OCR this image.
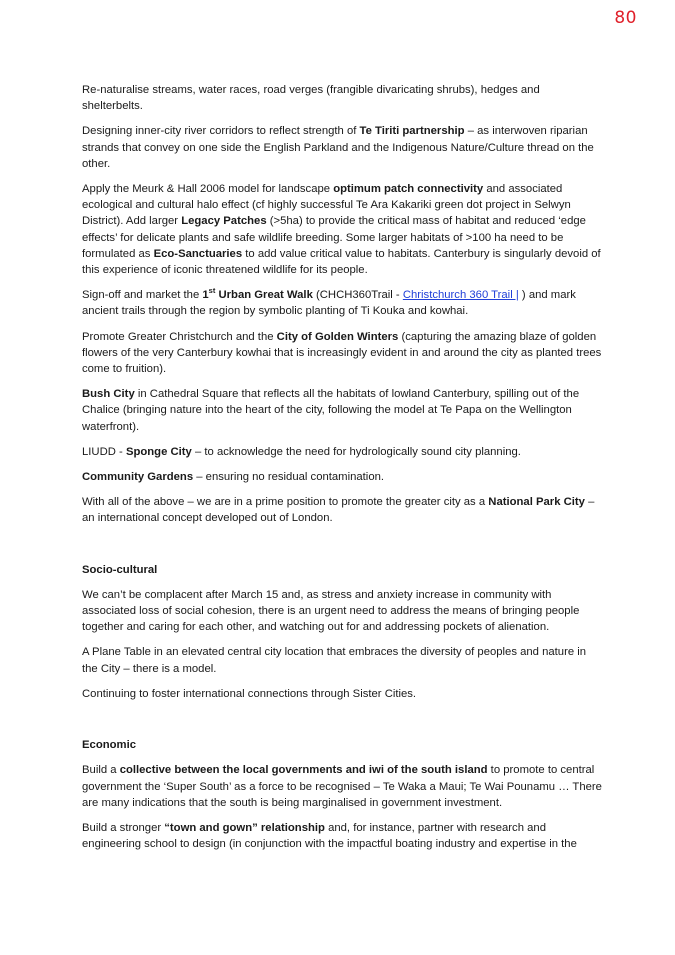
80

Re-naturalise streams, water races, road verges (frangible divaricating shrubs), hedges and shelterbelts.

Designing inner-city river corridors to reflect strength of Te Tiriti partnership – as interwoven riparian strands that convey on one side the English Parkland and the Indigenous Nature/Culture thread on the other.

Apply the Meurk & Hall 2006 model for landscape optimum patch connectivity and associated ecological and cultural halo effect (cf highly successful Te Ara Kakariki green dot project in Selwyn District). Add larger Legacy Patches (>5ha) to provide the critical mass of habitat and reduced ‘edge effects’ for delicate plants and safe wildlife breeding. Some larger habitats of >100 ha need to be formulated as Eco-Sanctuaries to add value critical value to habitats. Canterbury is singularly devoid of this experience of iconic threatened wildlife for its people.

Sign-off and market the 1st Urban Great Walk (CHCH360Trail - Christchurch 360 Trail | ) and mark ancient trails through the region by symbolic planting of Ti Kouka and kowhai.

Promote Greater Christchurch and the City of Golden Winters (capturing the amazing blaze of golden flowers of the very Canterbury kowhai that is increasingly evident in and around the city as planted trees come to fruition).

Bush City in Cathedral Square that reflects all the habitats of lowland Canterbury, spilling out of the Chalice (bringing nature into the heart of the city, following the model at Te Papa on the Wellington waterfront).

LIUDD - Sponge City – to acknowledge the need for hydrologically sound city planning.

Community Gardens – ensuring no residual contamination.

With all of the above – we are in a prime position to promote the greater city as a National Park City – an international concept developed out of London.

Socio-cultural

We can’t be complacent after March 15 and, as stress and anxiety increase in community with associated loss of social cohesion, there is an urgent need to address the means of bringing people together and caring for each other, and watching out for and addressing pockets of alienation.

A Plane Table in an elevated central city location that embraces the diversity of peoples and nature in the City – there is a model.

Continuing to foster international connections through Sister Cities.

Economic

Build a collective between the local governments and iwi of the south island to promote to central government the ‘Super South’ as a force to be recognised – Te Waka a Maui; Te Wai Pounamu … There are many indications that the south is being marginalised in government investment.

Build a stronger “town and gown” relationship and, for instance, partner with research and engineering school to design (in conjunction with the impactful boating industry and expertise in the
